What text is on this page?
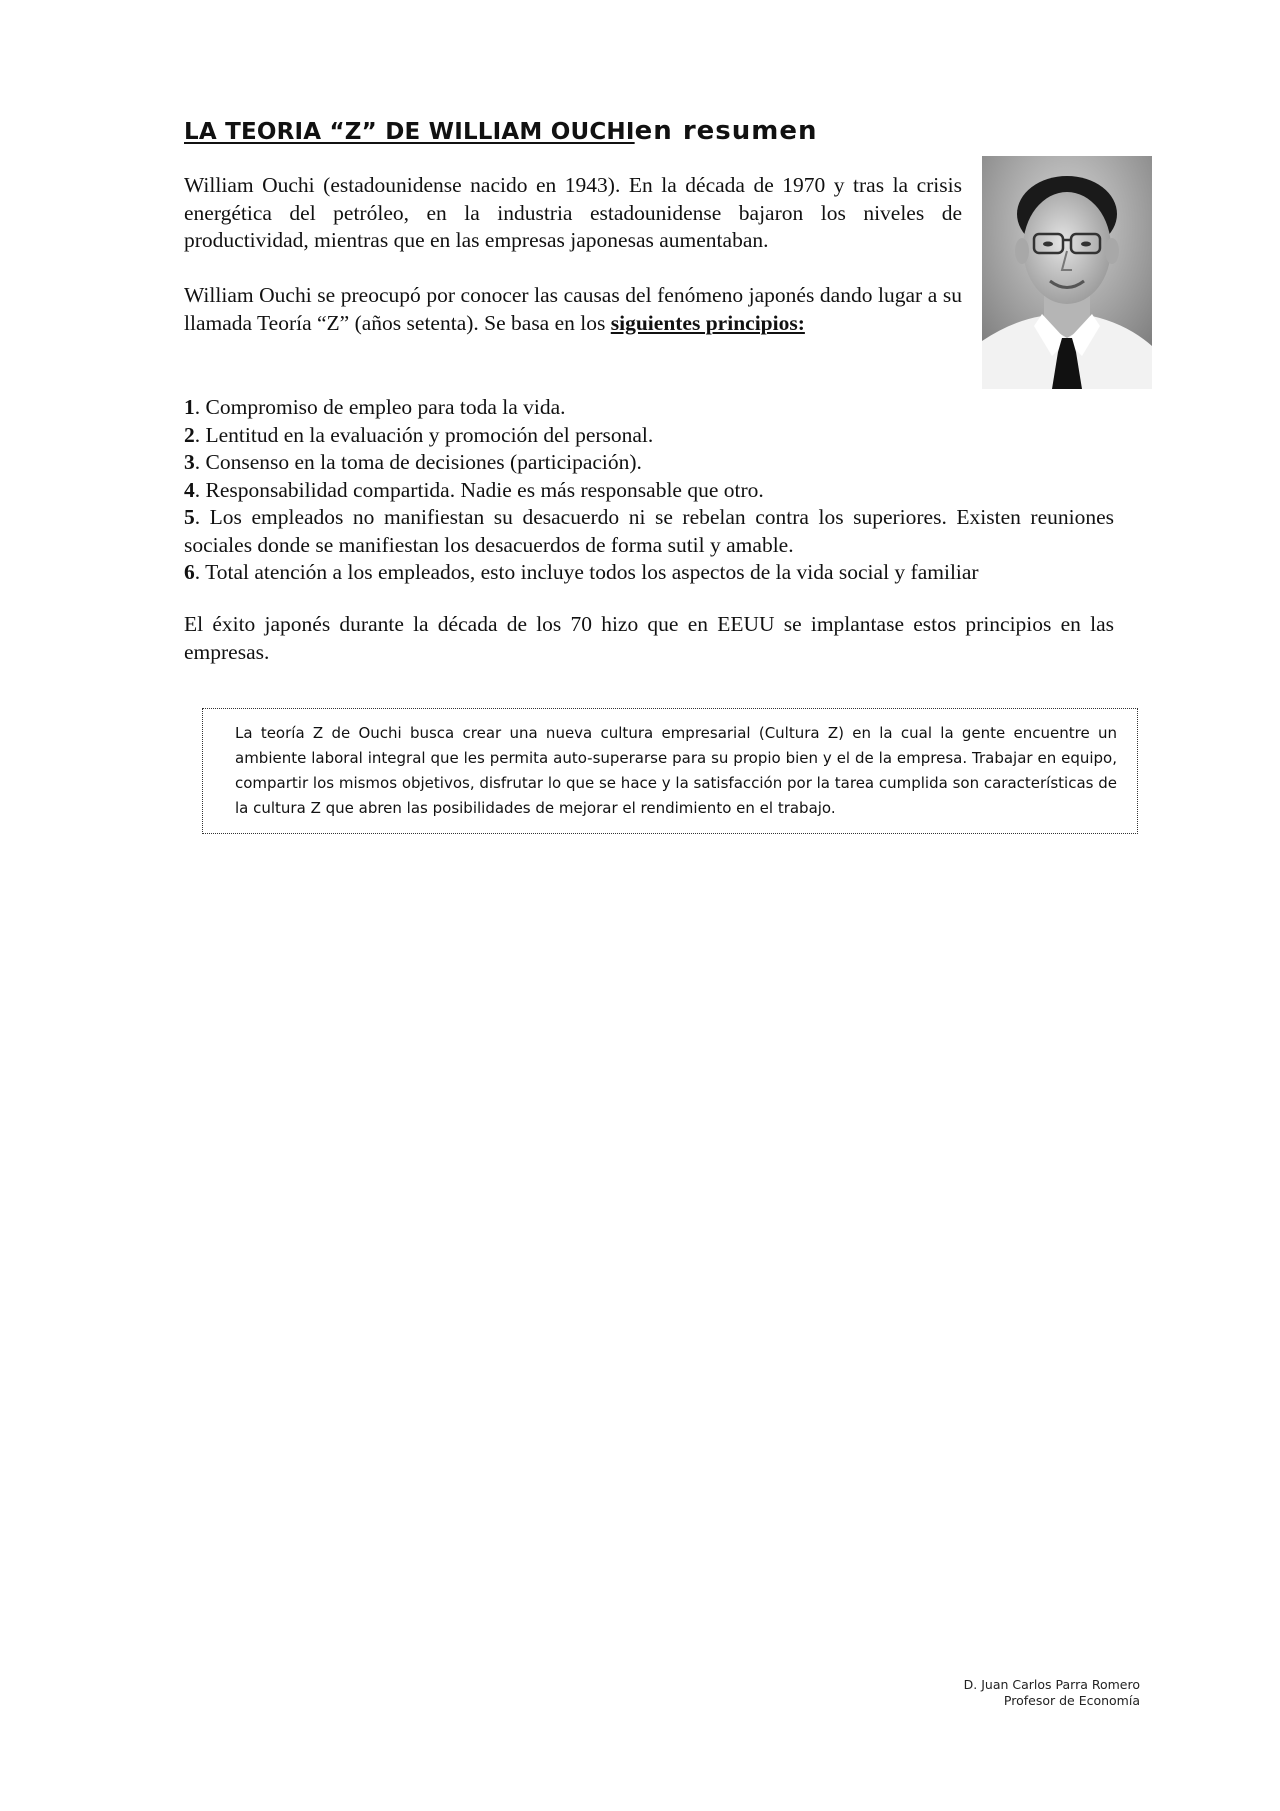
LA TEORIA “Z” DE WILLIAM OUCHIen resumen

William Ouchi (estadounidense nacido en 1943). En la década de 1970 y tras la crisis energética del petróleo, en la industria estadounidense bajaron los niveles de productividad, mientras que en las empresas japonesas aumentaban.

William Ouchi se preocupó por conocer las causas del fenómeno japonés dando lugar a su llamada Teoría “Z” (años setenta). Se basa en los siguientes principios:

1. Compromiso de empleo para toda la vida.
2. Lentitud en la evaluación y promoción del personal.
3. Consenso en la toma de decisiones (participación).
4. Responsabilidad compartida. Nadie es más responsable que otro.
5. Los empleados no manifiestan su desacuerdo ni se rebelan contra los superiores. Existen reuniones sociales donde se manifiestan los desacuerdos de forma sutil y amable.
6. Total atención a los empleados, esto incluye todos los aspectos de la vida social y familiar

El éxito japonés durante la década de los 70 hizo que en EEUU se implantase estos principios en las empresas.

La teoría Z de Ouchi busca crear una nueva cultura empresarial (Cultura Z) en la cual la gente encuentre un ambiente laboral integral que les permita auto-superarse para su propio bien y el de la empresa. Trabajar en equipo, compartir los mismos objetivos, disfrutar lo que se hace y la satisfacción por la tarea cumplida son características de la cultura Z que abren las posibilidades de mejorar el rendimiento en el trabajo.
D. Juan Carlos Parra Romero
Profesor de Economía
